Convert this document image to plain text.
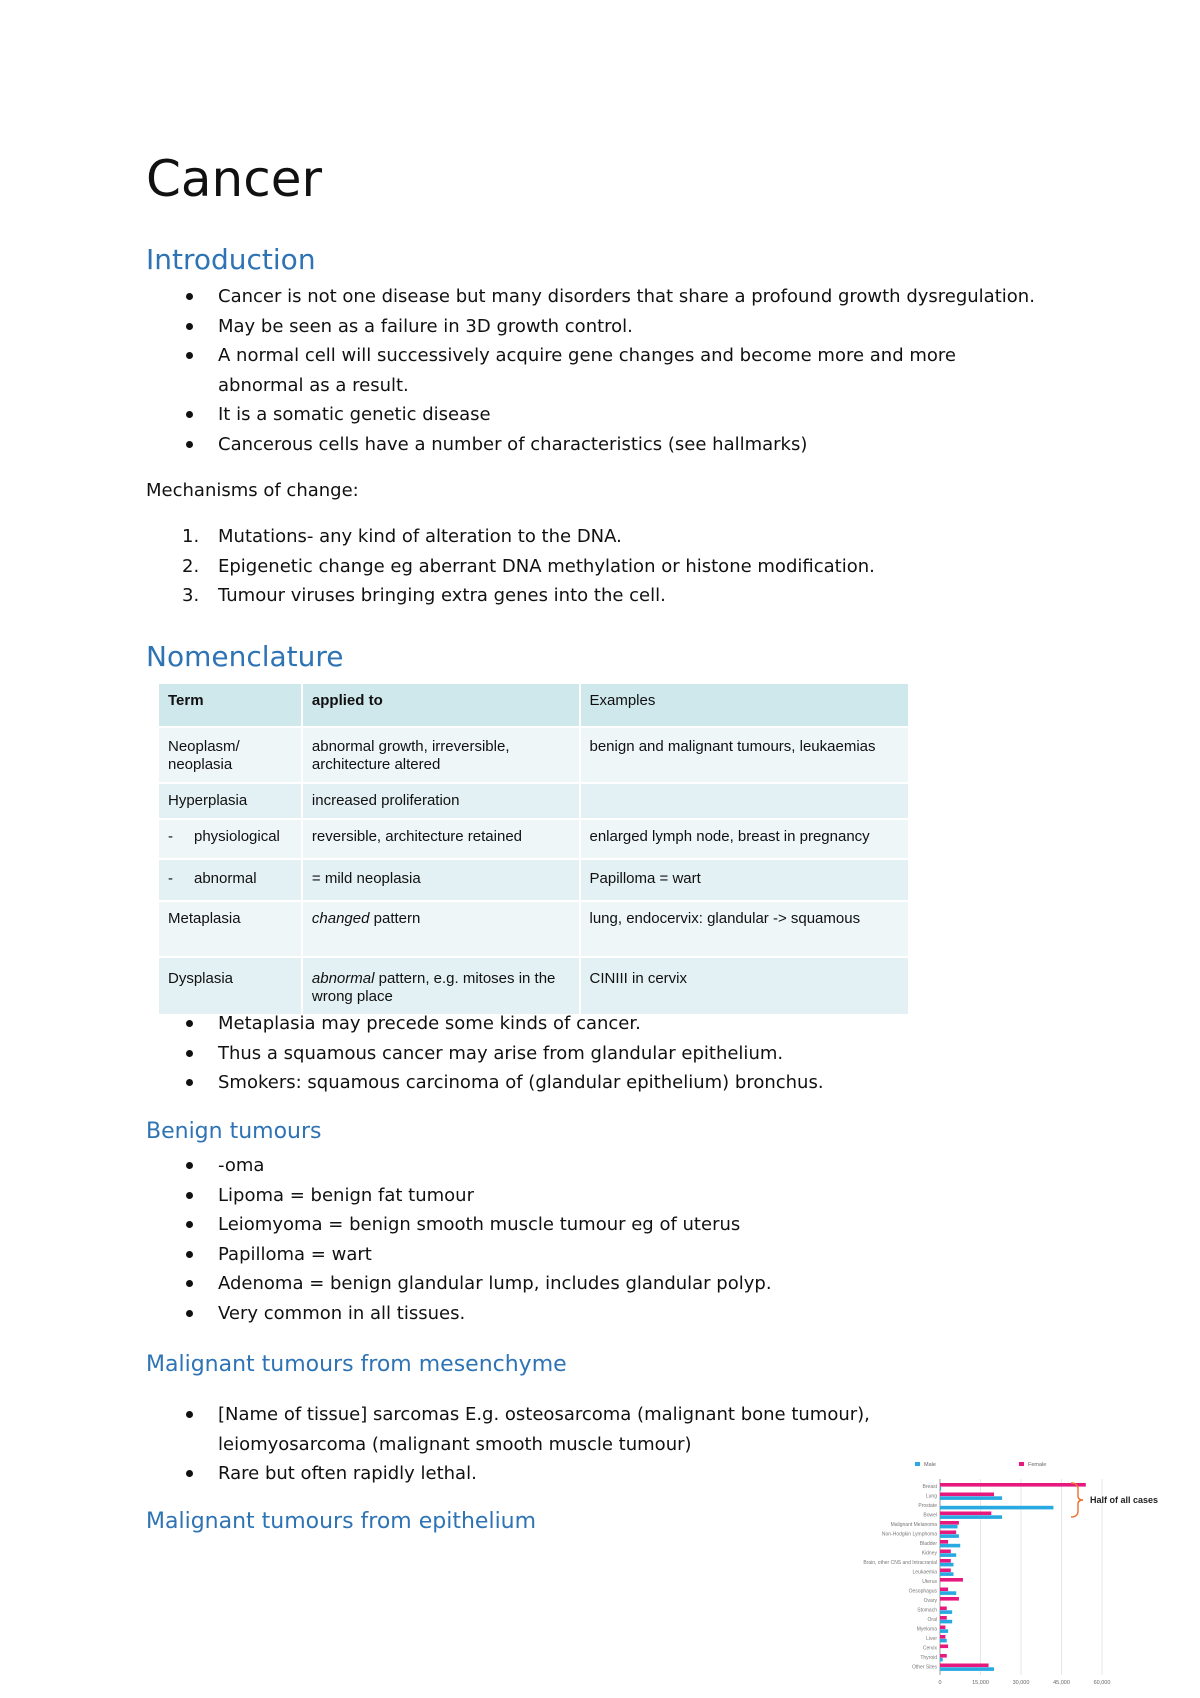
Cancer
Introduction
Cancer is not one disease but many disorders that share a profound growth dysregulation.
May be seen as a failure in 3D growth control.
A normal cell will successively acquire gene changes and become more and more abnormal as a result.
It is a somatic genetic disease
Cancerous cells have a number of characteristics (see hallmarks)
Mechanisms of change:
1. Mutations- any kind of alteration to the DNA.
2. Epigenetic change eg aberrant DNA methylation or histone modification.
3. Tumour viruses bringing extra genes into the cell.
Nomenclature
Term	applied to	Examples
Neoplasm/ neoplasia	abnormal growth, irreversible, architecture altered	benign and malignant tumours, leukaemias
Hyperplasia	increased proliferation	
- physiological	reversible, architecture retained	enlarged lymph node, breast in pregnancy
- abnormal	= mild neoplasia	Papilloma = wart
Metaplasia	changed pattern	lung, endocervix: glandular -> squamous
Dysplasia	abnormal pattern, e.g. mitoses in the wrong place	CINIII in cervix
Metaplasia may precede some kinds of cancer.
Thus a squamous cancer may arise from glandular epithelium.
Smokers: squamous carcinoma of (glandular epithelium) bronchus.
Benign tumours
-oma
Lipoma = benign fat tumour
Leiomyoma = benign smooth muscle tumour eg of uterus
Papilloma = wart
Adenoma = benign glandular lump, includes glandular polyp.
Very common in all tissues.
Malignant tumours from mesenchyme
[Name of tissue] sarcomas E.g. osteosarcoma (malignant bone tumour), leiomyosarcoma (malignant smooth muscle tumour)
Rare but often rapidly lethal.
Malignant tumours from epithelium
0	15,000	30,000	45,000	60,000
Male	Female
Breast
Lung
Prostate
Bowel
Malignant Melanoma
Non-Hodgkin Lymphoma
Bladder
Kidney
Brain, other CNS and Intracranial
Leukaemia
Uterus
Oesophagus
Ovary
Stomach
Oral
Myeloma
Liver
Cervix
Thyroid
Other Sites
Half of all cases
